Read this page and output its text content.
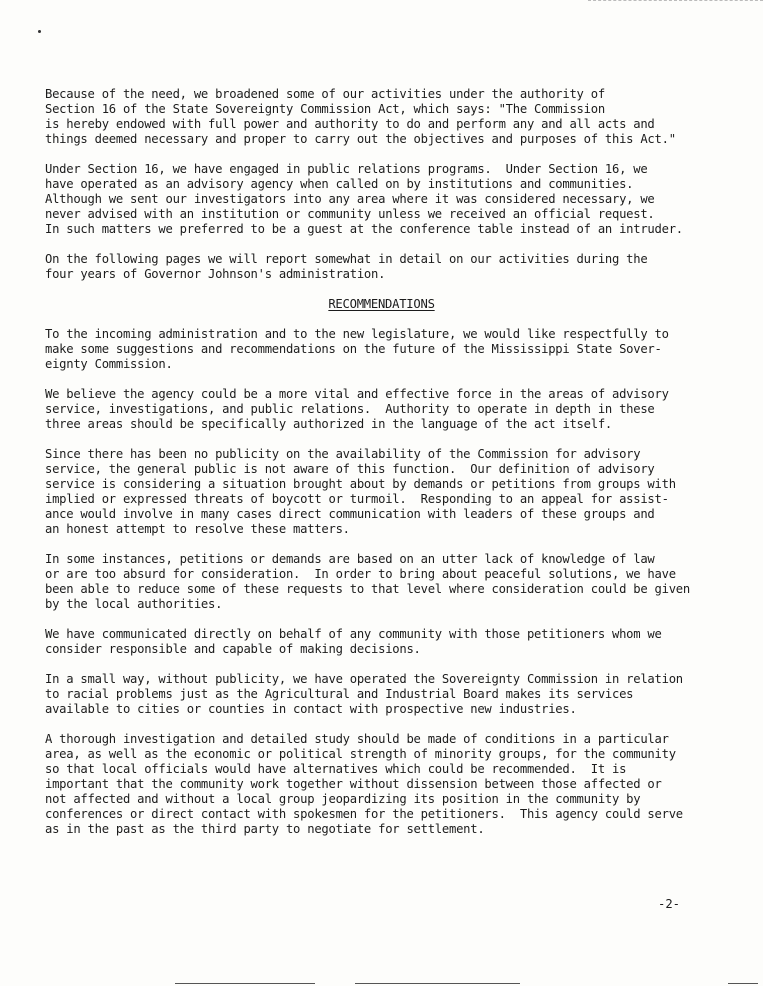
Because of the need, we broadened some of our activities under the authority of
Section 16 of the State Sovereignty Commission Act, which says: "The Commission
is hereby endowed with full power and authority to do and perform any and all acts and
things deemed necessary and proper to carry out the objectives and purposes of this Act."
Under Section 16, we have engaged in public relations programs.  Under Section 16, we
have operated as an advisory agency when called on by institutions and communities.
Although we sent our investigators into any area where it was considered necessary, we
never advised with an institution or community unless we received an official request.
In such matters we preferred to be a guest at the conference table instead of an intruder.
On the following pages we will report somewhat in detail on our activities during the
four years of Governor Johnson's administration.
To the incoming administration and to the new legislature, we would like respectfully to
make some suggestions and recommendations on the future of the Mississippi State Sover-
eignty Commission.
We believe the agency could be a more vital and effective force in the areas of advisory
service, investigations, and public relations.  Authority to operate in depth in these
three areas should be specifically authorized in the language of the act itself.
Since there has been no publicity on the availability of the Commission for advisory
service, the general public is not aware of this function.  Our definition of advisory
service is considering a situation brought about by demands or petitions from groups with
implied or expressed threats of boycott or turmoil.  Responding to an appeal for assist-
ance would involve in many cases direct communication with leaders of these groups and
an honest attempt to resolve these matters.
In some instances, petitions or demands are based on an utter lack of knowledge of law
or are too absurd for consideration.  In order to bring about peaceful solutions, we have
been able to reduce some of these requests to that level where consideration could be given
by the local authorities.
We have communicated directly on behalf of any community with those petitioners whom we
consider responsible and capable of making decisions.
In a small way, without publicity, we have operated the Sovereignty Commission in relation
to racial problems just as the Agricultural and Industrial Board makes its services
available to cities or counties in contact with prospective new industries.
A thorough investigation and detailed study should be made of conditions in a particular
area, as well as the economic or political strength of minority groups, for the community
so that local officials would have alternatives which could be recommended.  It is
important that the community work together without dissension between those affected or
not affected and without a local group jeopardizing its position in the community by
conferences or direct contact with spokesmen for the petitioners.  This agency could serve
as in the past as the third party to negotiate for settlement.
RECOMMENDATIONS
-2-
